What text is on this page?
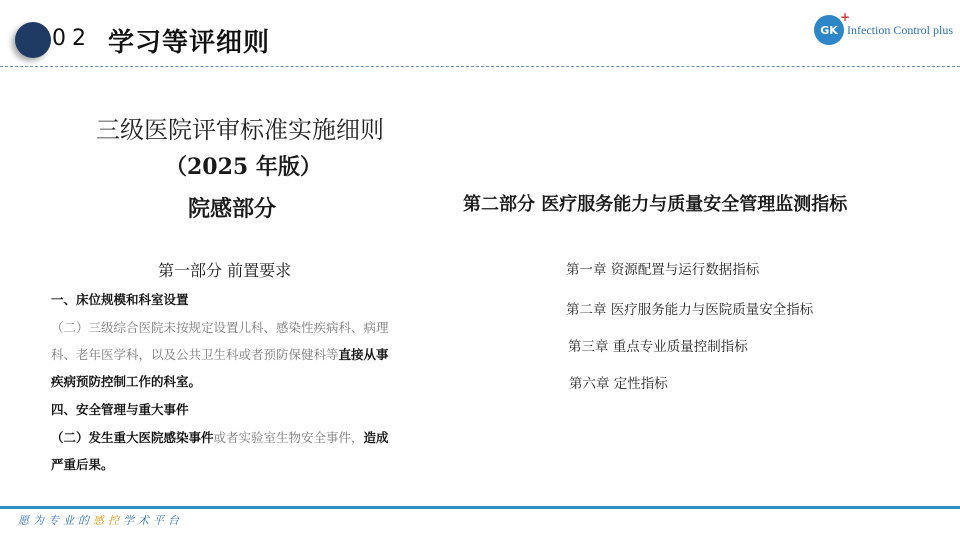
02 学习等评细则	GK
+
Infection Control plus
三级医院评审标准实施细则
（2025 年版）
院感部分
第一部分 前置要求
一、床位规模和科室设置
（二）三级综合医院未按规定设置儿科、感染性疾病科、病理
科、老年医学科，以及公共卫生科或者预防保健科等直接从事
疾病预防控制工作的科室。
四、安全管理与重大事件
（二）发生重大医院感染事件或者实验室生物安全事件，造成
严重后果。
第二部分 医疗服务能力与质量安全管理监测指标
第一章 资源配置与运行数据指标
第二章 医疗服务能力与医院质量安全指标
第三章 重点专业质量控制指标
第六章 定性指标
愿为专业的感控学术平台
